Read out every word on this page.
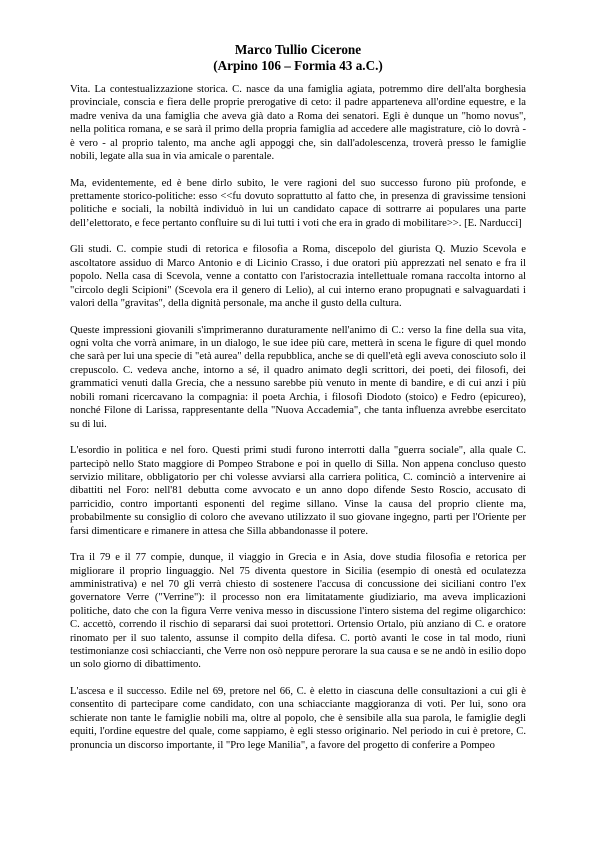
Marco Tullio Cicerone
(Arpino 106 – Formia 43 a.C.)

Vita. La contestualizzazione storica. C. nasce da una famiglia agiata, potremmo dire dell'alta borghesia provinciale, conscia e fiera delle proprie prerogative di ceto: il padre apparteneva all'ordine equestre, e la madre veniva da una famiglia che aveva già dato a Roma dei senatori. Egli è dunque un "homo novus", nella politica romana, e se sarà il primo della propria famiglia ad accedere alle magistrature, ciò lo dovrà - è vero - al proprio talento, ma anche agli appoggi che, sin dall'adolescenza, troverà presso le famiglie nobili, legate alla sua in via amicale o parentale.

Ma, evidentemente, ed è bene dirlo subito, le vere ragioni del suo successo furono più profonde, e prettamente storico-politiche: esso <<fu dovuto soprattutto al fatto che, in presenza di gravissime tensioni politiche e sociali, la nobiltà individuò in lui un candidato capace di sottrarre ai populares una parte dell’elettorato, e fece pertanto confluire su di lui tutti i voti che era in grado di mobilitare>>. [E. Narducci]

Gli studi. C. compie studi di retorica e filosofia a Roma, discepolo del giurista Q. Muzio Scevola e ascoltatore assiduo di Marco Antonio e di Licinio Crasso, i due oratori più apprezzati nel senato e fra il popolo. Nella casa di Scevola, venne a contatto con l'aristocrazia intellettuale romana raccolta intorno al "circolo degli Scipioni" (Scevola era il genero di Lelio), al cui interno erano propugnati e salvaguardati i valori della "gravitas", della dignità personale, ma anche il gusto della cultura.

Queste impressioni giovanili s'imprimeranno duraturamente nell'animo di C.: verso la fine della sua vita, ogni volta che vorrà animare, in un dialogo, le sue idee più care, metterà in scena le figure di quel mondo che sarà per lui una specie di "età aurea" della repubblica, anche se di quell'età egli aveva conosciuto solo il crepuscolo. C. vedeva anche, intorno a sé, il quadro animato degli scrittori, dei poeti, dei filosofi, dei grammatici venuti dalla Grecia, che a nessuno sarebbe più venuto in mente di bandire, e di cui anzi i più nobili romani ricercavano la compagnia: il poeta Archia, i filosofi Diodoto (stoico) e Fedro (epicureo), nonché Filone di Larissa, rappresentante della "Nuova Accademia", che tanta influenza avrebbe esercitato su di lui.

L'esordio in politica e nel foro. Questi primi studi furono interrotti dalla "guerra sociale", alla quale C. partecipò nello Stato maggiore di Pompeo Strabone e poi in quello di Silla. Non appena concluso questo servizio militare, obbligatorio per chi volesse avviarsi alla carriera politica, C. cominciò a intervenire ai dibattiti nel Foro: nell'81 debutta come avvocato e un anno dopo difende Sesto Roscio, accusato di parricidio, contro importanti esponenti del regime sillano. Vinse la causa del proprio cliente ma, probabilmente su consiglio di coloro che avevano utilizzato il suo giovane ingegno, partì per l'Oriente per farsi dimenticare e rimanere in attesa che Silla abbandonasse il potere.

Tra il 79 e il 77 compie, dunque, il viaggio in Grecia e in Asia, dove studia filosofia e retorica per migliorare il proprio linguaggio. Nel 75 diventa questore in Sicilia (esempio di onestà ed oculatezza amministrativa) e nel 70 gli verrà chiesto di sostenere l'accusa di concussione dei siciliani contro l'ex governatore Verre ("Verrine"): il processo non era limitatamente giudiziario, ma aveva implicazioni politiche, dato che con la figura Verre veniva messo in discussione l'intero sistema del regime oligarchico: C. accettò, correndo il rischio di separarsi dai suoi protettori. Ortensio Ortalo, più anziano di C. e oratore rinomato per il suo talento, assunse il compito della difesa. C. portò avanti le cose in tal modo, riunì testimonianze così schiaccianti, che Verre non osò neppure perorare la sua causa e se ne andò in esilio dopo un solo giorno di dibattimento.

L'ascesa e il successo. Edile nel 69, pretore nel 66, C. è eletto in ciascuna delle consultazioni a cui gli è consentito di partecipare come candidato, con una schiacciante maggioranza di voti. Per lui, sono ora schierate non tante le famiglie nobili ma, oltre al popolo, che è sensibile alla sua parola, le famiglie degli equiti, l'ordine equestre del quale, come sappiamo, è egli stesso originario. Nel periodo in cui è pretore, C. pronuncia un discorso importante, il "Pro lege Manilia", a favore del progetto di conferire a Pompeo
